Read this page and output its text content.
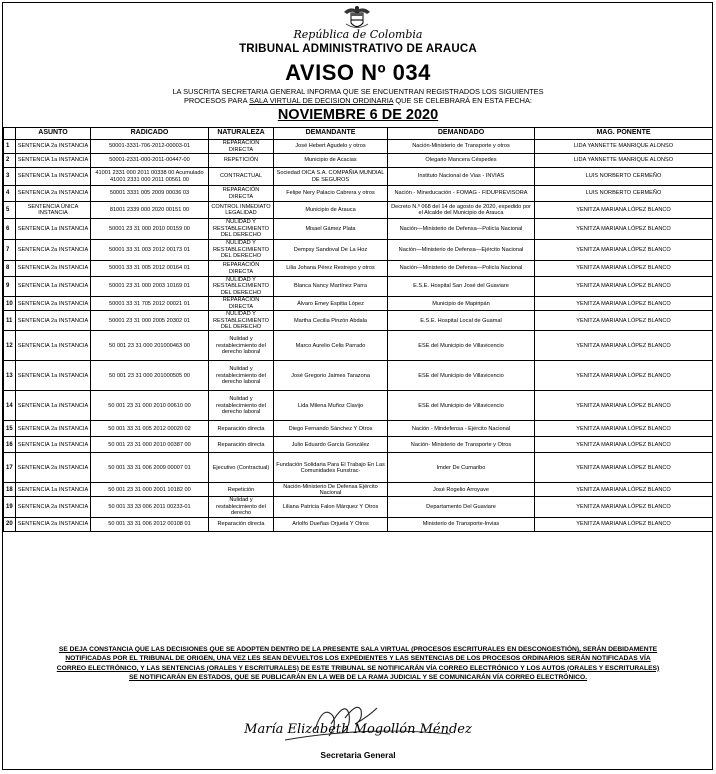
República de Colombia
TRIBUNAL ADMINISTRATIVO DE ARAUCA
AVISO Nº 034
LA SUSCRITA SECRETARIA GENERAL INFORMA QUE SE ENCUENTRAN REGISTRADOS LOS SIGUIENTES
PROCESOS PARA SALA VIRTUAL DE DECISION ORDINARIA QUE SE CELEBRARÁ EN ESTA FECHA:
NOVIEMBRE 6 DE 2020
	ASUNTO	RADICADO	NATURALEZA	DEMANDANTE	DEMANDADO	MAG. PONENTE
1	SENTENCIA 2a INSTANCIA	50001-3331-706-2012-00003-01	REPARACIÓN DIRECTA	José Hebert Agudelo y otros	Nación-Ministerio de Transporte y otros	LIDA YANNETTE MANRIQUE ALONSO
2	SENTENCIA 1a INSTANCIA	50001-2331-000-2011-00447-00	REPETICIÓN	Municipio de Acacias	Olegario Mancera Céspedes	LIDA YANNETTE MANRIQUE ALONSO
3	SENTENCIA 1a INSTANCIA	41001 2331 000 2011 00338 00 Acumulado 41001 2331 000 2011 00561 00	CONTRACTUAL	Sociedad OICA S.A. COMPAÑIA MUNDIAL DE SEGUROS	Instituto Nacional de Vias - INVIAS	LUIS NORBERTO CERMEÑO
4	SENTENCIA 2a INSTANCIA	50001 3331 005 2009 00036 03	REPARACIÓN DIRECTA	Felipe Nery Palacio Cabrera y otros	Nación - Mineducación - FOMAG - FIDUPREVISORA	LUIS NORBERTO CERMEÑO
5	SENTENCIA ÚNICA INSTANCIA	81001 2339 000 2020 00151 00	CONTROL INMEDIATO LEGALIDAD	Municipio de Arauca	Decreto N.º 068 del 14 de agosto de 2020, expedido por el Alcalde del Municipio de Arauca	YENITZA MARIANA LÓPEZ BLANCO
6	SENTENCIA 1a INSTANCIA	50001 23 31 000 2010 00159 00	NULIDAD Y RESTABLECIMIENTO DEL DERECHO	Misael Gámez Plata	Nación—Ministerio de Defensa—Policía Nacional	YENITZA MARIANA LÓPEZ BLANCO
7	SENTENCIA 2a INSTANCIA	50001 33 31 003 2012 00173 01	NULIDAD Y RESTABLECIMIENTO DEL DERECHO	Dempsy Sandoval De La Hoz	Nación—Ministerio de Defensa—Ejército Nacional	YENITZA MARIANA LÓPEZ BLANCO
8	SENTENCIA 2a INSTANCIA	50001 33 31 005 2012 00164 01	REPARACIÓN DIRECTA	Lilia Johana Pérez Restrepo y otros	Nación—Ministerio de Defensa—Policía Nacional	YENITZA MARIANA LÓPEZ BLANCO
9	SENTENCIA 1a INSTANCIA	50001 23 31 000 2003 10169 01	NULIDAD Y RESTABLECIMIENTO DEL DERECHO	Blanca Nancy Martínez Parra	E.S.E. Hospital San José del Guaviare	YENITZA MARIANA LÓPEZ BLANCO
10	SENTENCIA 2a INSTANCIA	50001 33 31 705 2012 00021 01	REPARACIÓN DIRECTA	Álvaro Emey Espitia López	Municipio de Mapiripán	YENITZA MARIANA LÓPEZ BLANCO
11	SENTENCIA 2a INSTANCIA	50001 23 31 000 2005 20302 01	NULIDAD Y RESTABLECIMIENTO DEL DERECHO	Martha Cecilia Pinzón Abdala	E.S.E. Hospital Local de Guamal	YENITZA MARIANA LÓPEZ BLANCO
12	SENTENCIA 1a INSTANCIA	50 001 23 31 000 201000463 00	Nulidad y restablecimiento del derecho laboral	Marco Aurelio Celis Parrado	ESE del Municipio de Villavicencio	YENITZA MARIANA LÓPEZ BLANCO
13	SENTENCIA 1a INSTANCIA	50 001 23 31 000 201000505 00	Nulidad y restablecimiento del derecho laboral	José Gregorio Jaimes Tarazona	ESE del Municipio de Villavicencio	YENITZA MARIANA LÓPEZ BLANCO
14	SENTENCIA 1a INSTANCIA	50 001 23 31 000 2010 00610 00	Nulidad y restablecimiento del derecho laboral	Lida Milena Muñoz Clavijo	ESE del Municipio de Villavicencio	YENITZA MARIANA LÓPEZ BLANCO
15	SENTENCIA 2a INSTANCIA	50 001 33 31 005 2012 00020 02	Reparación directa	Diego Fernando Sánchez Y Otros	Nación - Mindefensa - Ejército Nacional	YENITZA MARIANA LÓPEZ BLANCO
16	SENTENCIA 1a INSTANCIA	50 001 23 31 000 2010 00387 00	Reparación directa	Julio Eduardo García González	Nación- Ministerio de Transporte y Otros	YENITZA MARIANA LÓPEZ BLANCO
17	SENTENCIA 2a INSTANCIA	50 001 33 31 006 2009 00007 01	Ejecutivo (Contractual)	Fundación Solidaria Para El Trabajo En Las Comunidades Funstrac-	Imder De Cumaribo	YENITZA MARIANA LÓPEZ BLANCO
18	SENTENCIA 1a INSTANCIA	50 001 23 31 000 2001 10182 00	Repetición	Nación-Ministerio De Defensa Ejército Nacional	José Rogelio Arroyave	YENITZA MARIANA LÓPEZ BLANCO
19	SENTENCIA 2a INSTANCIA	50 001 33 33 006 2011 00233-01	Nulidad y restablecimiento del derecho	Liliana Patricia Falon Márquez Y Otros	Departamento Del Guaviare	YENITZA MARIANA LÓPEZ BLANCO
20	SENTENCIA 2a INSTANCIA	50 001 33 31 006 2012 00108 01	Reparación directa	Arlolfo Dueñas Orjuela Y Otros	Ministerio de Transporte-Invias	YENITZA MARIANA LÓPEZ BLANCO
SE DEJA CONSTANCIA QUE LAS DECISIONES QUE SE ADOPTEN DENTRO DE LA PRESENTE SALA VIRTUAL (PROCESOS ESCRITURALES EN DESCONGESTIÓN), SERÁN DEBIDAMENTE
NOTIFICADAS POR EL TRIBUNAL DE ORIGEN, UNA VEZ LES SEAN DEVUELTOS LOS EXPEDIENTES Y LAS SENTENCIAS DE LOS PROCESOS ORDINARIOS SERÁN NOTIFICADAS VÍA
CORREO ELECTRÓNICO, Y LAS SENTENCIAS (ORALES Y ESCRITURALES) DE ESTE TRIBUNAL SE NOTIFICARÁN VÍA CORREO ELECTRÓNICO Y LOS AUTOS (ORALES Y ESCRITURALES)
SE NOTIFICARÁN EN ESTADOS, QUE SE PUBLICARÁN EN LA WEB DE LA RAMA JUDICIAL Y SE COMUNICARÁN VÍA CORREO ELECTRÓNICO.
María Elizabeth Mogollón Méndez
Secretaria General
